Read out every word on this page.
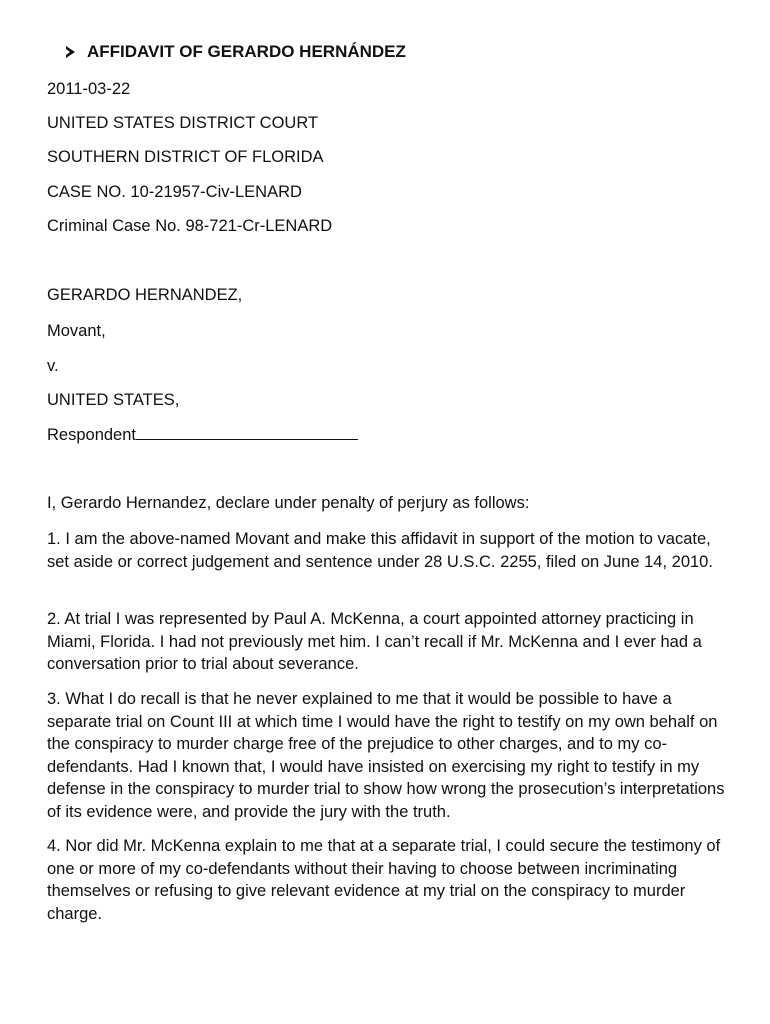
AFFIDAVIT OF GERARDO HERNÁNDEZ
2011-03-22
UNITED STATES DISTRICT COURT
SOUTHERN DISTRICT OF FLORIDA
CASE NO. 10-21957-Civ-LENARD
Criminal Case No. 98-721-Cr-LENARD
GERARDO HERNANDEZ,
Movant,
v.
UNITED STATES,
Respondent
I, Gerardo Hernandez, declare under penalty of perjury as follows:
1. I am the above-named Movant and make this affidavit in support of the motion to vacate, set aside or correct judgement and sentence under 28 U.S.C. 2255, filed on June 14, 2010.
2. At trial I was represented by Paul A. McKenna, a court appointed attorney practicing in Miami, Florida. I had not previously met him. I can’t recall if Mr. McKenna and I ever had a conversation prior to trial about severance.
3. What I do recall is that he never explained to me that it would be possible to have a separate trial on Count III at which time I would have the right to testify on my own behalf on the conspiracy to murder charge free of the prejudice to other charges, and to my co-defendants. Had I known that, I would have insisted on exercising my right to testify in my defense in the conspiracy to murder trial to show how wrong the prosecution’s interpretations of its evidence were, and provide the jury with the truth.
4. Nor did Mr. McKenna explain to me that at a separate trial, I could secure the testimony of one or more of my co-defendants without their having to choose between incriminating themselves or refusing to give relevant evidence at my trial on the conspiracy to murder charge.
